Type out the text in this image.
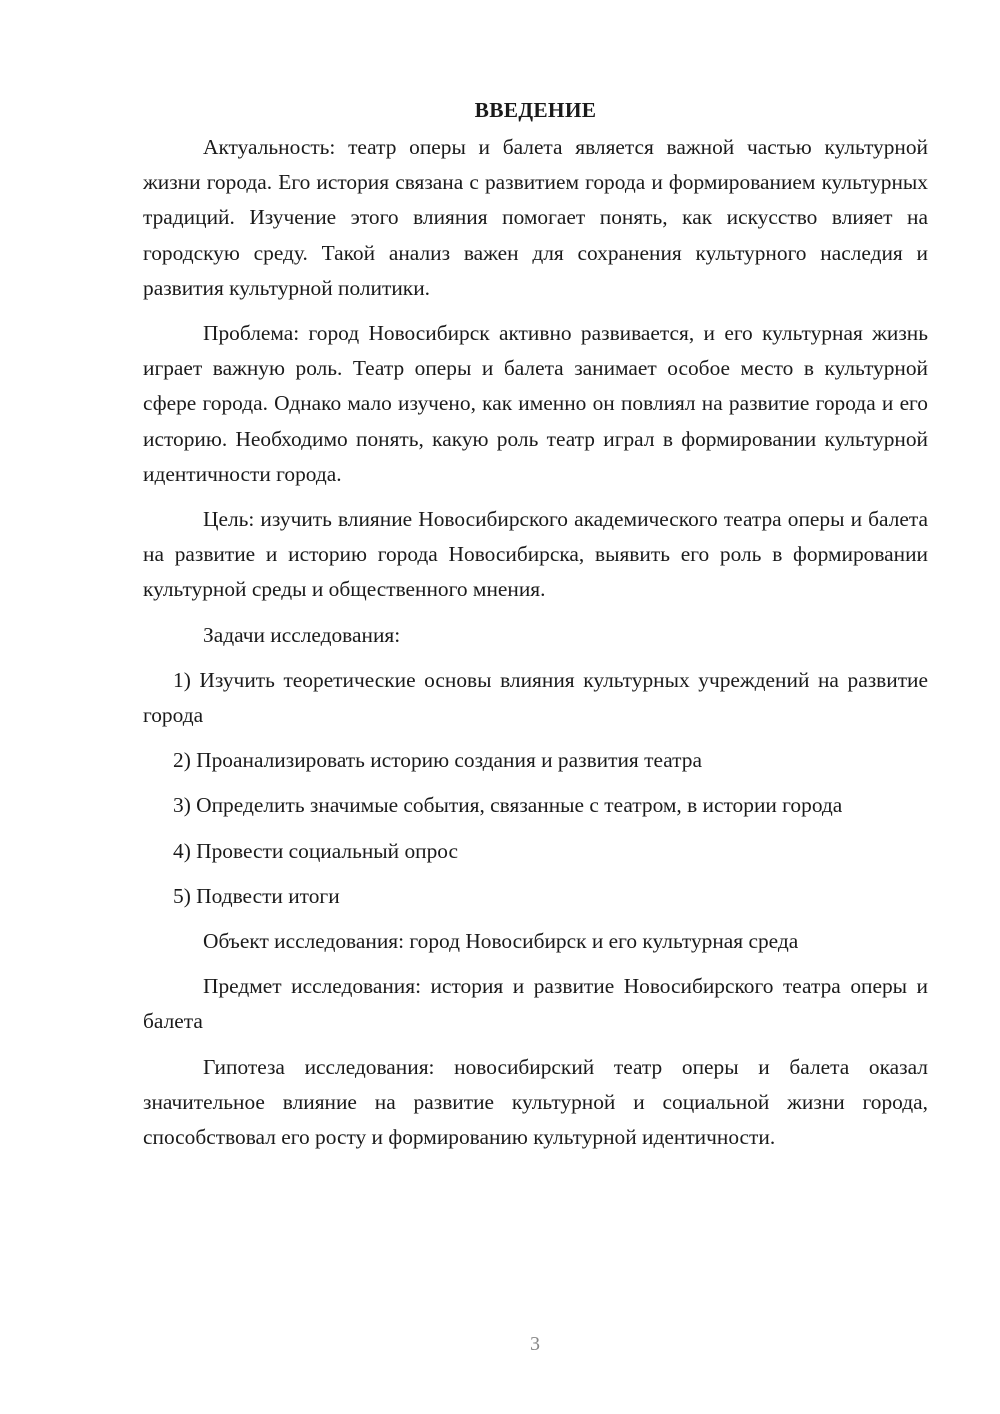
ВВЕДЕНИЕ

Актуальность: театр оперы и балета является важной частью культурной жизни города. Его история связана с развитием города и формированием культурных традиций. Изучение этого влияния помогает понять, как искусство влияет на городскую среду. Такой анализ важен для сохранения культурного наследия и развития культурной политики.

Проблема: город Новосибирск активно развивается, и его культурная жизнь играет важную роль. Театр оперы и балета занимает особое место в культурной сфере города. Однако мало изучено, как именно он повлиял на развитие города и его историю. Необходимо понять, какую роль театр играл в формировании культурной идентичности города.

Цель: изучить влияние Новосибирского академического театра оперы и балета на развитие и историю города Новосибирска, выявить его роль в формировании культурной среды и общественного мнения.

Задачи исследования:

1) Изучить теоретические основы влияния культурных учреждений на развитие города
2) Проанализировать историю создания и развития театра
3) Определить значимые события, связанные с театром, в истории города
4) Провести социальный опрос
5) Подвести итоги

Объект исследования: город Новосибирск и его культурная среда

Предмет исследования: история и развитие Новосибирского театра оперы и балета

Гипотеза исследования: новосибирский театр оперы и балета оказал значительное влияние на развитие культурной и социальной жизни города, способствовал его росту и формированию культурной идентичности.

3
